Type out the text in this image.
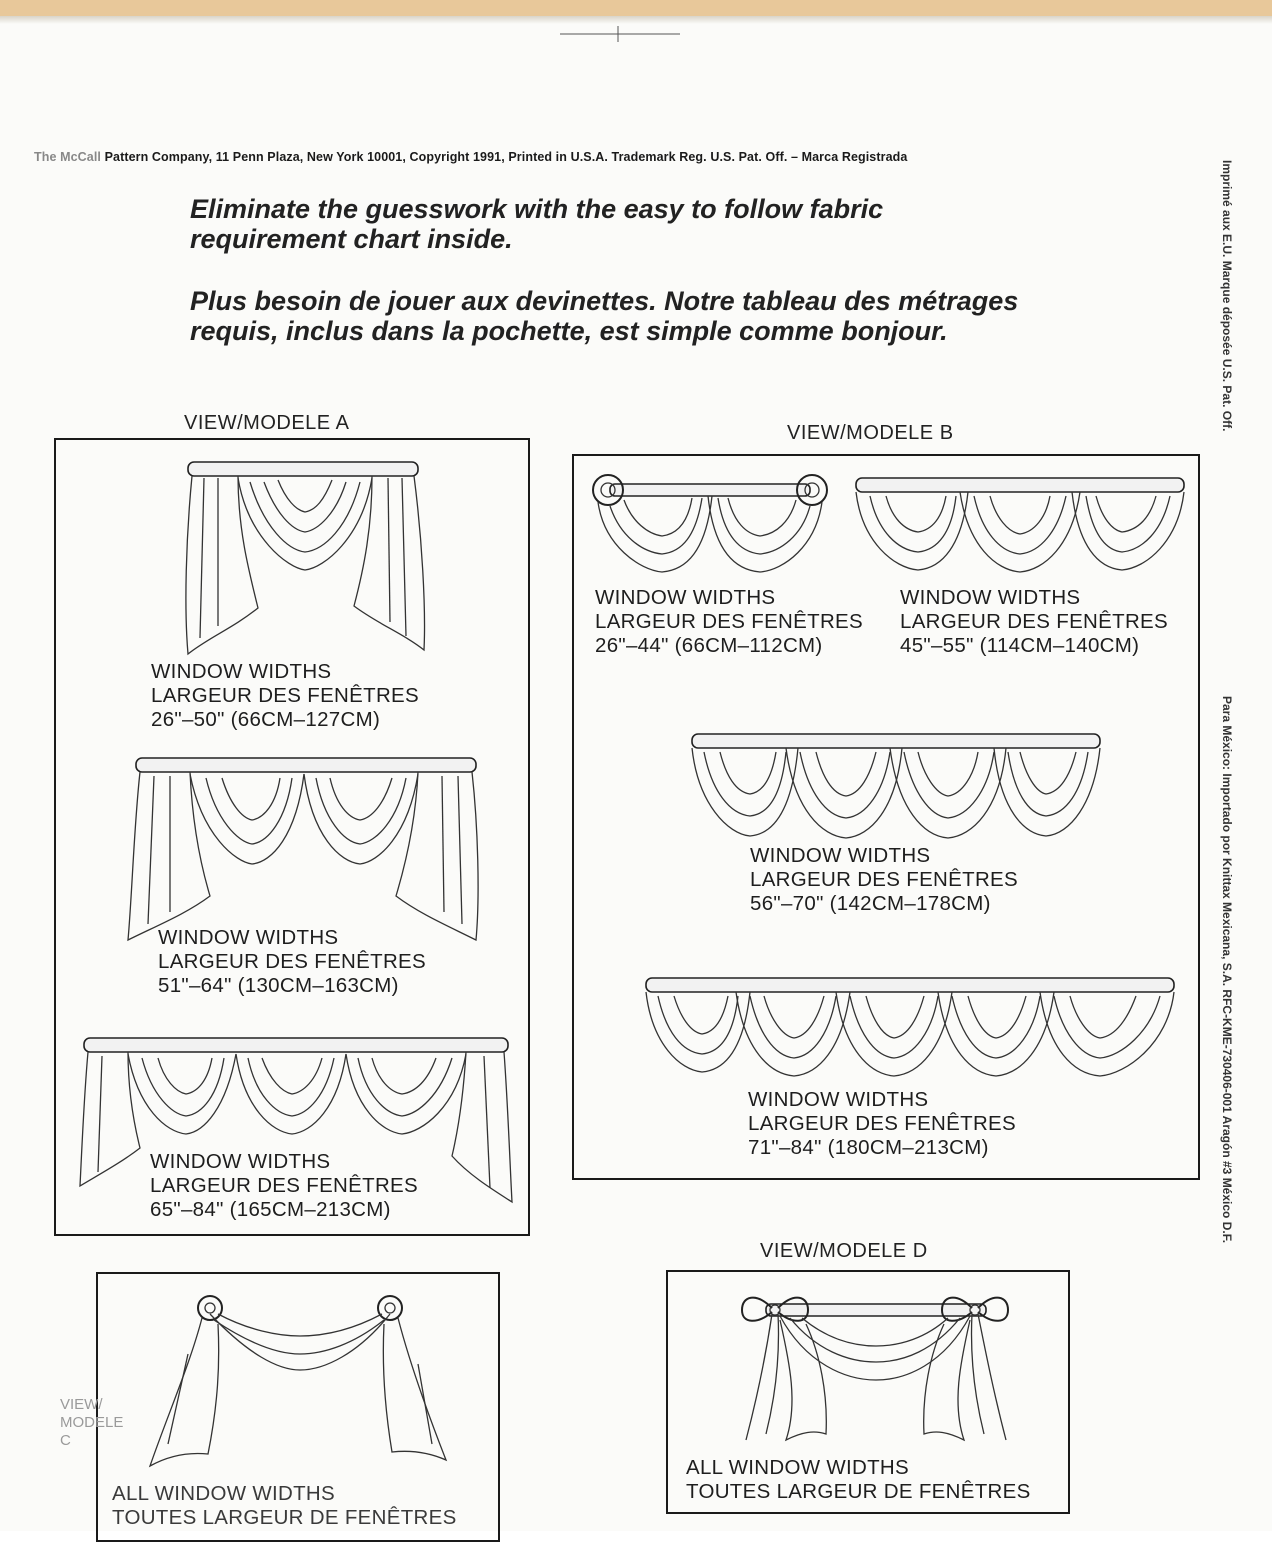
The McCall Pattern Company, 11 Penn Plaza, New York 10001, Copyright 1991, Printed in U.S.A. Trademark Reg. U.S. Pat. Off. – Marca Registrada
Eliminate the guesswork with the easy to follow fabric requirement chart inside.
Plus besoin de jouer aux devinettes. Notre tableau des métrages requis, inclus dans la pochette, est simple comme bonjour.	Imprimé aux E.U. Marque déposée U.S. Pat. Off.
Para México: Importado por Knittax Mexicana, S.A. RFC-KME-730406-001 Aragón #3 México D.F.
VIEW/MODELE A
WINDOW WIDTHS
LARGEUR DES FENÊTRES
26"–50" (66CM–127CM)
WINDOW WIDTHS
LARGEUR DES FENÊTRES
51"–64" (130CM–163CM)
WINDOW WIDTHS
LARGEUR DES FENÊTRES
65"–84" (165CM–213CM)
VIEW/MODELE B
WINDOW WIDTHS
LARGEUR DES FENÊTRES
26"–44" (66CM–112CM)
WINDOW WIDTHS
LARGEUR DES FENÊTRES
45"–55" (114CM–140CM)
WINDOW WIDTHS
LARGEUR DES FENÊTRES
56"–70" (142CM–178CM)
WINDOW WIDTHS
LARGEUR DES FENÊTRES
71"–84" (180CM–213CM)
VIEW/ MODELE C
ALL WINDOW WIDTHS
TOUTES LARGEUR DE FENÊTRES
VIEW/MODELE D
ALL WINDOW WIDTHS
TOUTES LARGEUR DE FENÊTRES
